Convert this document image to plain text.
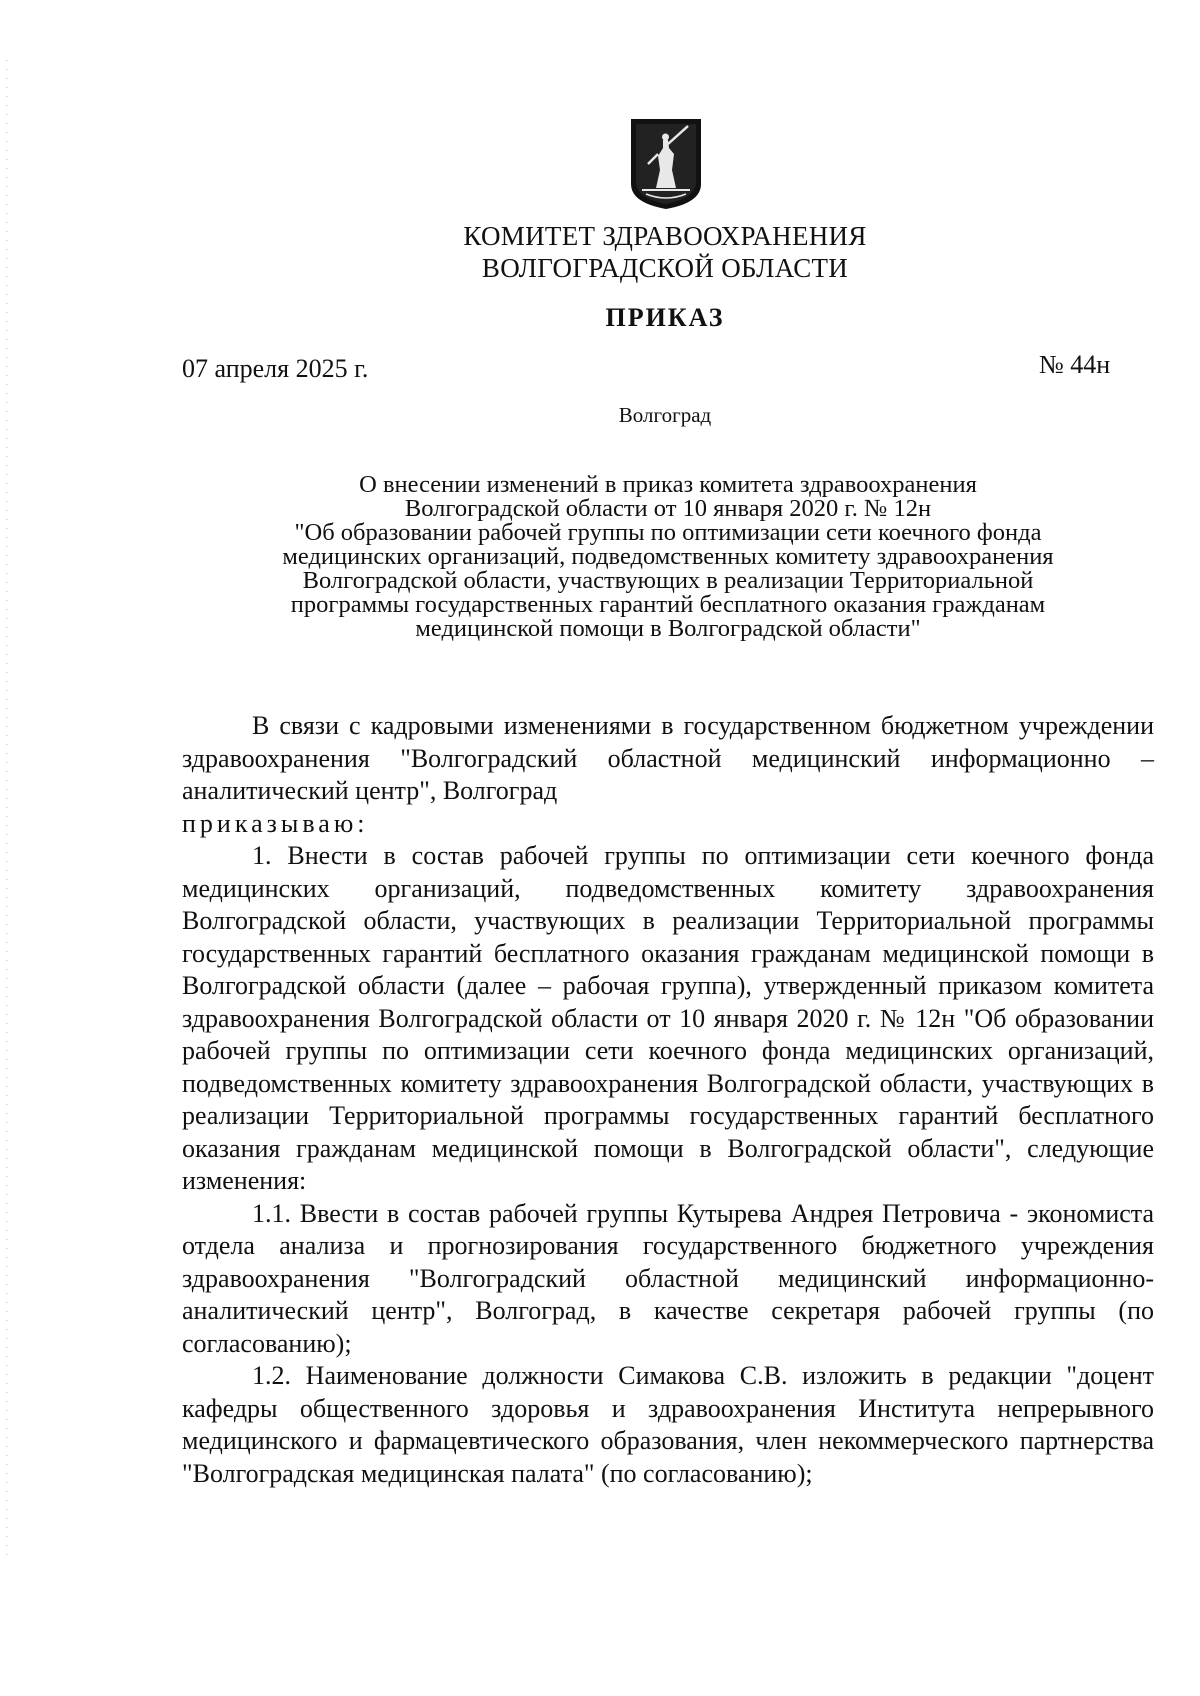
КОМИТЕТ ЗДРАВООХРАНЕНИЯ
ВОЛГОГРАДСКОЙ ОБЛАСТИ
ПРИКАЗ
07 апреля 2025 г.	№ 44н
Волгоград
О внесении изменений в приказ комитета здравоохранения
Волгоградской области от 10 января 2020 г. № 12н
"Об образовании рабочей группы по оптимизации сети коечного фонда
медицинских организаций, подведомственных комитету здравоохранения
Волгоградской области, участвующих в реализации Территориальной
программы государственных гарантий бесплатного оказания гражданам
медицинской помощи в Волгоградской области"

В связи с кадровыми изменениями в государственном бюджетном учреждении здравоохранения "Волгоградский областной медицинский информационно – аналитический центр", Волгоград

приказываю:

1. Внести в состав рабочей группы по оптимизации сети коечного фонда медицинских организаций, подведомственных комитету здравоохранения Волгоградской области, участвующих в реализации Территориальной программы государственных гарантий бесплатного оказания гражданам медицинской помощи в Волгоградской области (далее – рабочая группа), утвержденный приказом комитета здравоохранения Волгоградской области от 10 января 2020 г. № 12н "Об образовании рабочей группы по оптимизации сети коечного фонда медицинских организаций, подведомственных комитету здравоохранения Волгоградской области, участвующих в реализации Территориальной программы государственных гарантий бесплатного оказания гражданам медицинской помощи в Волгоградской области", следующие изменения:

1.1. Ввести в состав рабочей группы Кутырева Андрея Петровича - экономиста отдела анализа и прогнозирования государственного бюджетного учреждения здравоохранения "Волгоградский областной медицинский информационно-аналитический центр", Волгоград, в качестве секретаря рабочей группы (по согласованию);

1.2. Наименование должности Симакова С.В. изложить в редакции "доцент кафедры общественного здоровья и здравоохранения Института непрерывного медицинского и фармацевтического образования, член некоммерческого партнерства "Волгоградская медицинская палата" (по согласованию);
